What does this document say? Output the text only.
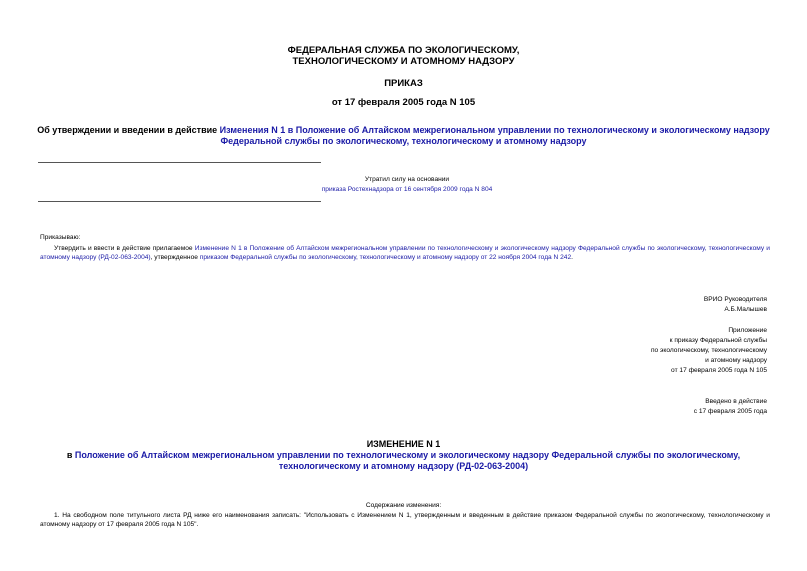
ФЕДЕРАЛЬНАЯ СЛУЖБА ПО ЭКОЛОГИЧЕСКОМУ,
ТЕХНОЛОГИЧЕСКОМУ И АТОМНОМУ НАДЗОРУ
ПРИКАЗ
от 17 февраля 2005 года N 105
Об утверждении и введении в действие Изменения N 1 в Положение об Алтайском межрегиональном управлении по технологическому и экологическому надзору
Федеральной службы по экологическому, технологическому и атомному надзору
Утратил силу на основании
приказа Ростехнадзора от 16 сентября 2009 года N 804
Приказываю:
Утвердить и ввести в действие прилагаемое Изменение N 1 в Положение об Алтайском межрегиональном управлении по технологическому и экологическому надзору Федеральной службы по экологическому, технологическому и атомному надзору (РД-02-063-2004), утвержденное приказом Федеральной службы по экологическому, технологическому и атомному надзору от 22 ноября 2004 года N 242.
ВРИО Руководителя
А.Б.Малышев
Приложение
к приказу Федеральной службы
по экологическому, технологическому
и атомному надзору
от 17 февраля 2005 года N 105
Введено в действие
с 17 февраля 2005 года
ИЗМЕНЕНИЕ N 1
в Положение об Алтайском межрегиональном управлении по технологическому и экологическому надзору Федеральной службы по экологическому,
технологическому и атомному надзору (РД-02-063-2004)
Содержание изменения:
1. На свободном поле титульного листа РД ниже его наименования записать: "Использовать с Изменением N 1, утвержденным и введенным в действие приказом Федеральной службы по экологическому, технологическому и атомному надзору от 17 февраля 2005 года N 105".
